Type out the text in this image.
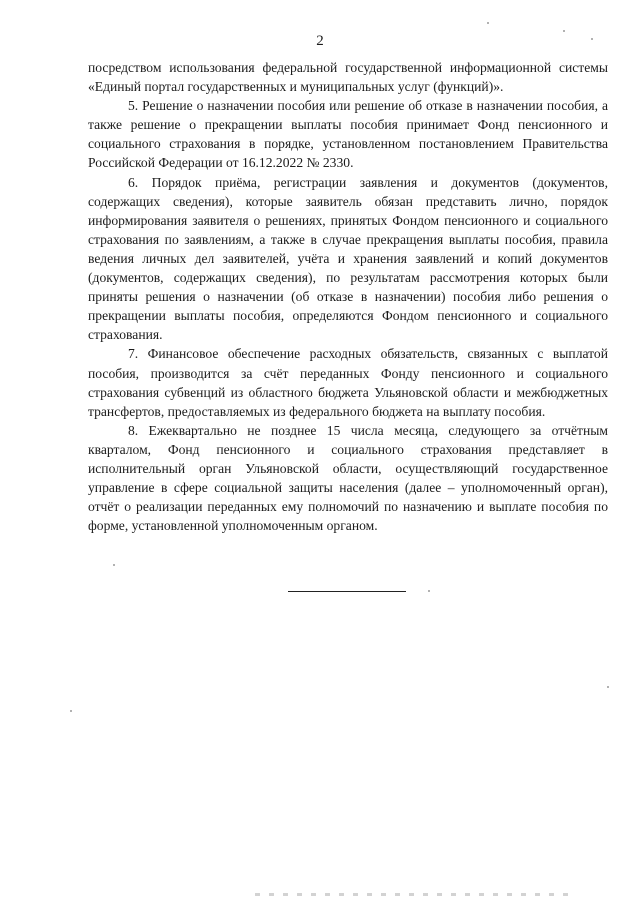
2

посредством использования федеральной государственной информационной системы «Единый портал государственных и муниципальных услуг (функций)».

5. Решение о назначении пособия или решение об отказе в назначении пособия, а также решение о прекращении выплаты пособия принимает Фонд пенсионного и социального страхования в порядке, установленном постановлением Правительства Российской Федерации от 16.12.2022 № 2330.

6. Порядок приёма, регистрации заявления и документов (документов, содержащих сведения), которые заявитель обязан представить лично, порядок информирования заявителя о решениях, принятых Фондом пенсионного и социального страхования по заявлениям, а также в случае прекращения выплаты пособия, правила ведения личных дел заявителей, учёта и хранения заявлений и копий документов (документов, содержащих сведения), по результатам рассмотрения которых были приняты решения о назначении (об отказе в назначении) пособия либо решения о прекращении выплаты пособия, определяются Фондом пенсионного и социального страхования.

7. Финансовое обеспечение расходных обязательств, связанных с выплатой пособия, производится за счёт переданных Фонду пенсионного и социального страхования субвенций из областного бюджета Ульяновской области и межбюджетных трансфертов, предоставляемых из федерального бюджета на выплату пособия.

8. Ежеквартально не позднее 15 числа месяца, следующего за отчётным кварталом, Фонд пенсионного и социального страхования представляет в исполнительный орган Ульяновской области, осуществляющий государственное управление в сфере социальной защиты населения (далее – уполномоченный орган), отчёт о реализации переданных ему полномочий по назначению и выплате пособия по форме, установленной уполномоченным органом.
